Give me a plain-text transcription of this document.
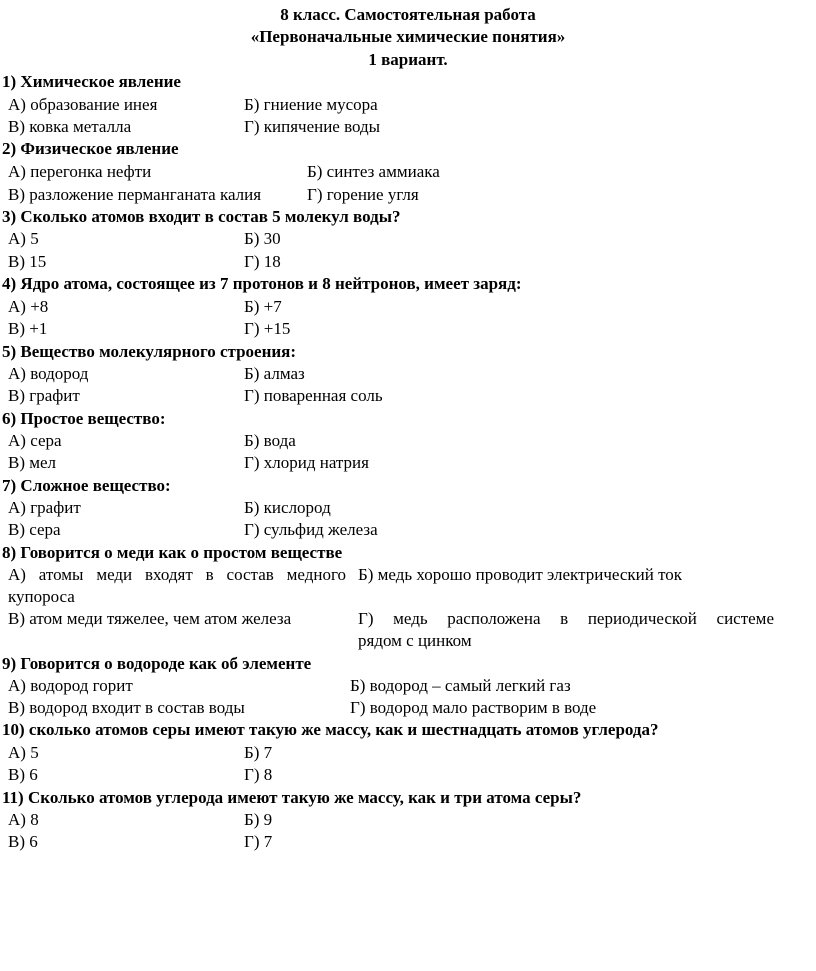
8 класс. Самостоятельная работа
«Первоначальные химические понятия»
1 вариант.
1) Химическое явление
А) образование инея	Б) гниение мусора
В) ковка металла	Г) кипячение воды
2) Физическое явление
А) перегонка нефти	Б) синтез аммиака
В) разложение перманганата калия	Г) горение угля
3) Сколько атомов входит в состав 5 молекул воды?
А) 5	Б) 30
В) 15	Г) 18
4) Ядро атома, состоящее из 7 протонов и 8 нейтронов, имеет заряд:
А) +8	Б) +7
В) +1	Г) +15
5) Вещество молекулярного строения:
А) водород	Б) алмаз
В) графит	Г) поваренная соль
6) Простое вещество:
А) сера	Б) вода
В) мел	Г) хлорид натрия
7) Сложное вещество:
А) графит	Б) кислород
В) сера	Г) сульфид железа
8) Говорится о меди как о простом веществе
А) атомы меди входят в состав медного
купороса
Б) медь хорошо проводит электрический ток
В) атом меди тяжелее, чем атом железа	Г) медь расположена в периодической системе
рядом с цинком
9) Говорится о водороде как об элементе
А) водород горит	Б) водород – самый легкий газ
В) водород входит в состав воды	Г) водород мало растворим в воде
10) сколько атомов серы имеют такую же массу, как и шестнадцать атомов углерода?
А) 5	Б) 7
В) 6	Г) 8
11) Сколько атомов углерода имеют такую же массу, как и три атома серы?
А) 8	Б) 9
В) 6	Г) 7
